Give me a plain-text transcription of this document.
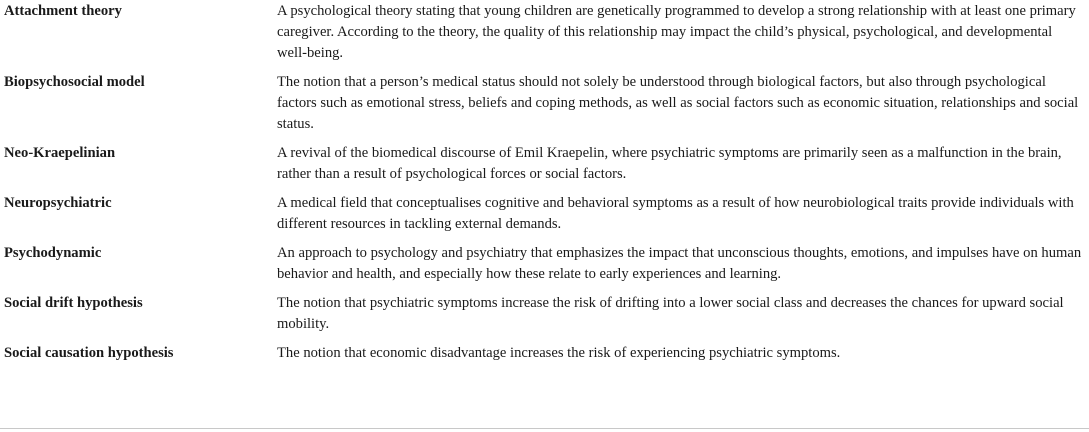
Attachment theory	A psychological theory stating that young children are genetically programmed to develop a strong relationship with at least one primary caregiver. According to the theory, the quality of this relationship may impact the child’s physical, psychological, and developmental well-being.
Biopsychosocial model	The notion that a person’s medical status should not solely be understood through biological factors, but also through psychological factors such as emotional stress, beliefs and coping methods, as well as social factors such as economic situation, relationships and social status.
Neo-Kraepelinian	A revival of the biomedical discourse of Emil Kraepelin, where psychiatric symptoms are primarily seen as a malfunction in the brain, rather than a result of psychological forces or social factors.
Neuropsychiatric	A medical field that conceptualises cognitive and behavioral symptoms as a result of how neurobiological traits provide individuals with different resources in tackling external demands.
Psychodynamic	An approach to psychology and psychiatry that emphasizes the impact that unconscious thoughts, emotions, and impulses have on human behavior and health, and especially how these relate to early experiences and learning.
Social drift hypothesis	The notion that psychiatric symptoms increase the risk of drifting into a lower social class and decreases the chances for upward social mobility.
Social causation hypothesis	The notion that economic disadvantage increases the risk of experiencing psychiatric symptoms.
